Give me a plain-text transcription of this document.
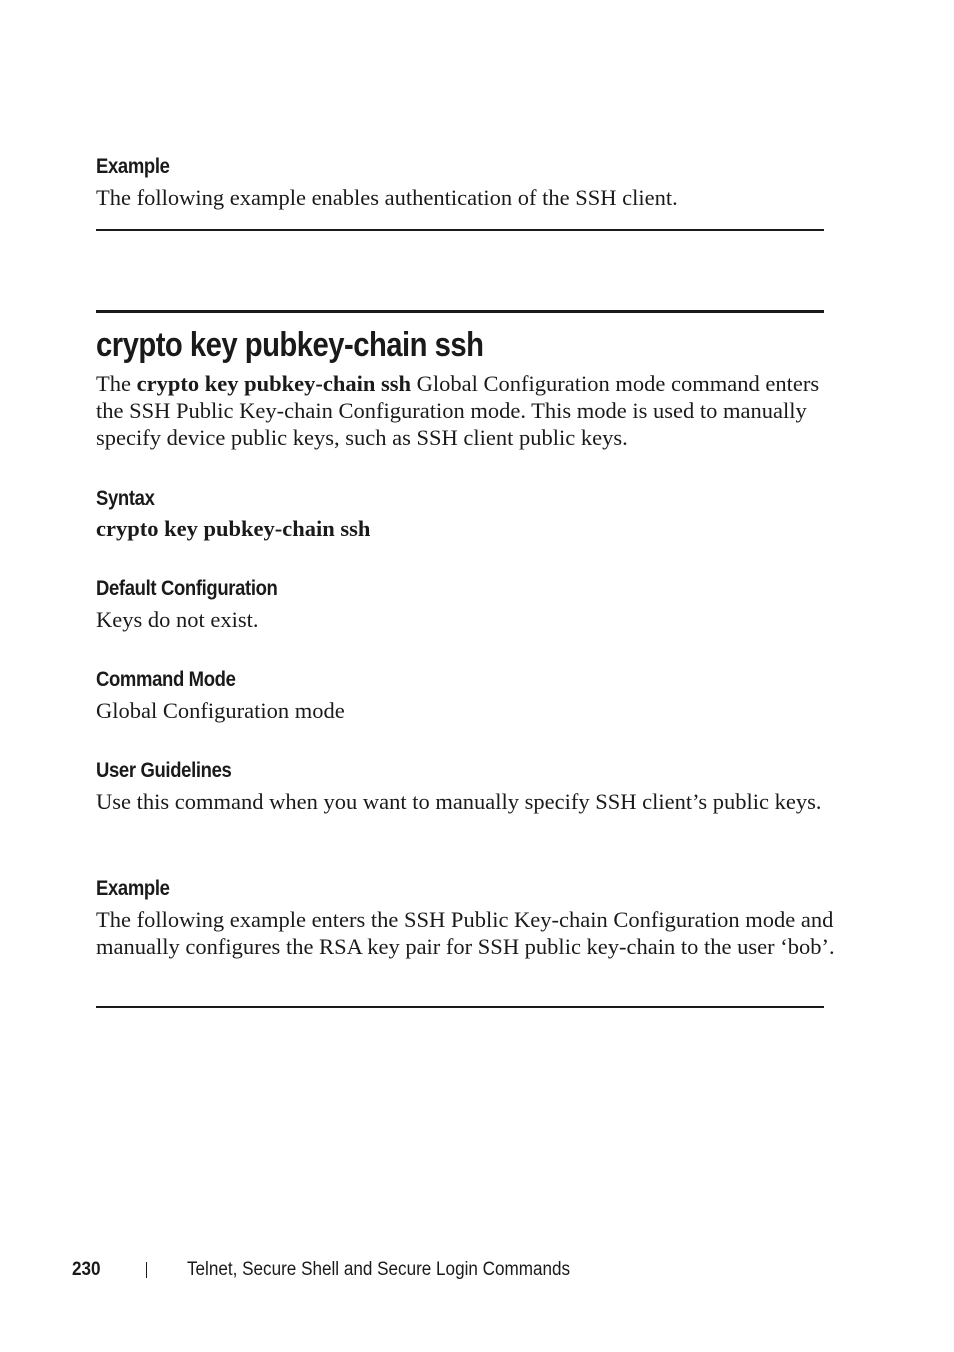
Example
The following example enables authentication of the SSH client.
crypto key pubkey-chain ssh
The crypto key pubkey-chain ssh Global Configuration mode command enters the SSH Public Key-chain Configuration mode. This mode is used to manually specify device public keys, such as SSH client public keys.
Syntax
crypto key pubkey-chain ssh
Default Configuration
Keys do not exist.
Command Mode
Global Configuration mode
User Guidelines
Use this command when you want to manually specify SSH client’s public keys.
Example
The following example enters the SSH Public Key-chain Configuration mode and manually configures the RSA key pair for SSH public key-chain to the user ‘bob’.
230	Telnet, Secure Shell and Secure Login Commands
